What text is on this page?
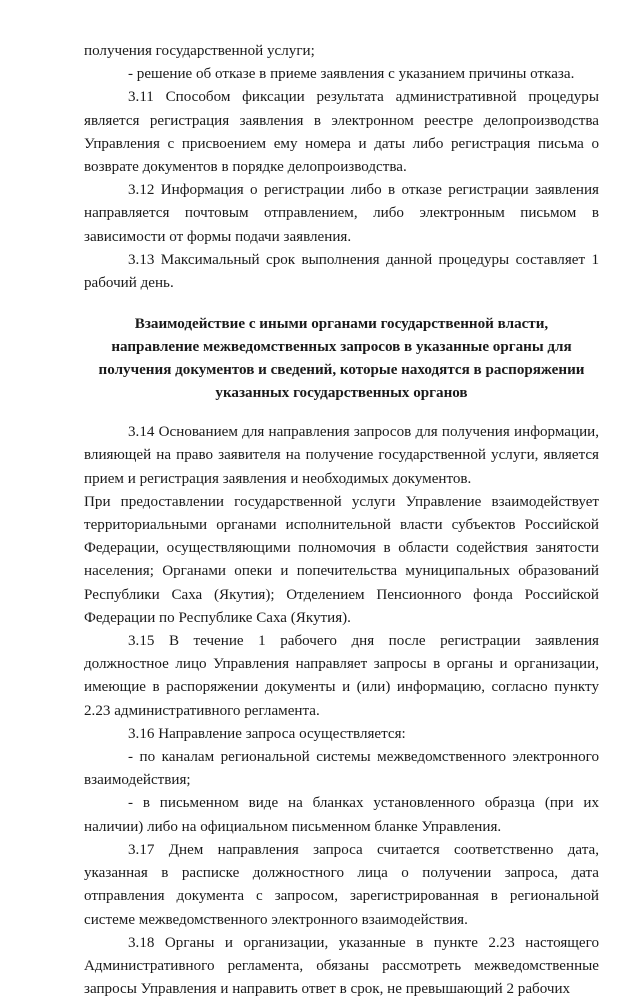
получения государственной услуги;

- решение об отказе в приеме заявления с указанием причины отказа.

3.11 Способом фиксации результата административной процедуры является регистрация заявления в электронном реестре делопроизводства Управления с присвоением ему номера и даты либо регистрация письма о возврате документов в порядке делопроизводства.

3.12 Информация о регистрации либо в отказе регистрации заявления направляется почтовым отправлением, либо электронным письмом в зависимости от формы подачи заявления.

3.13 Максимальный срок выполнения данной процедуры составляет 1 рабочий день.

Взаимодействие с иными органами государственной власти,
направление межведомственных запросов в указанные органы для
получения документов и сведений, которые находятся в распоряжении
указанных государственных органов

3.14 Основанием для направления запросов для получения информации, влияющей на право заявителя на получение государственной услуги, является прием и регистрация заявления и необходимых документов.

При предоставлении государственной услуги Управление взаимодействует территориальными органами исполнительной власти субъектов Российской Федерации, осуществляющими полномочия в области содействия занятости населения; Органами опеки и попечительства муниципальных образований Республики Саха (Якутия); Отделением Пенсионного фонда Российской Федерации по Республике Саха (Якутия).

3.15 В течение 1 рабочего дня после регистрации заявления должностное лицо Управления направляет запросы в органы и организации, имеющие в распоряжении документы и (или) информацию, согласно пункту 2.23 административного регламента.

3.16 Направление запроса осуществляется:

- по каналам региональной системы межведомственного электронного взаимодействия;

- в письменном виде на бланках установленного образца (при их наличии) либо на официальном письменном бланке Управления.

3.17 Днем направления запроса считается соответственно дата, указанная в расписке должностного лица о получении запроса, дата отправления документа с запросом, зарегистрированная в региональной системе межведомственного электронного взаимодействия.

3.18 Органы и организации, указанные в пункте 2.23 настоящего Административного регламента, обязаны рассмотреть межведомственные запросы Управления и направить ответ в срок, не превышающий 2 рабочих
